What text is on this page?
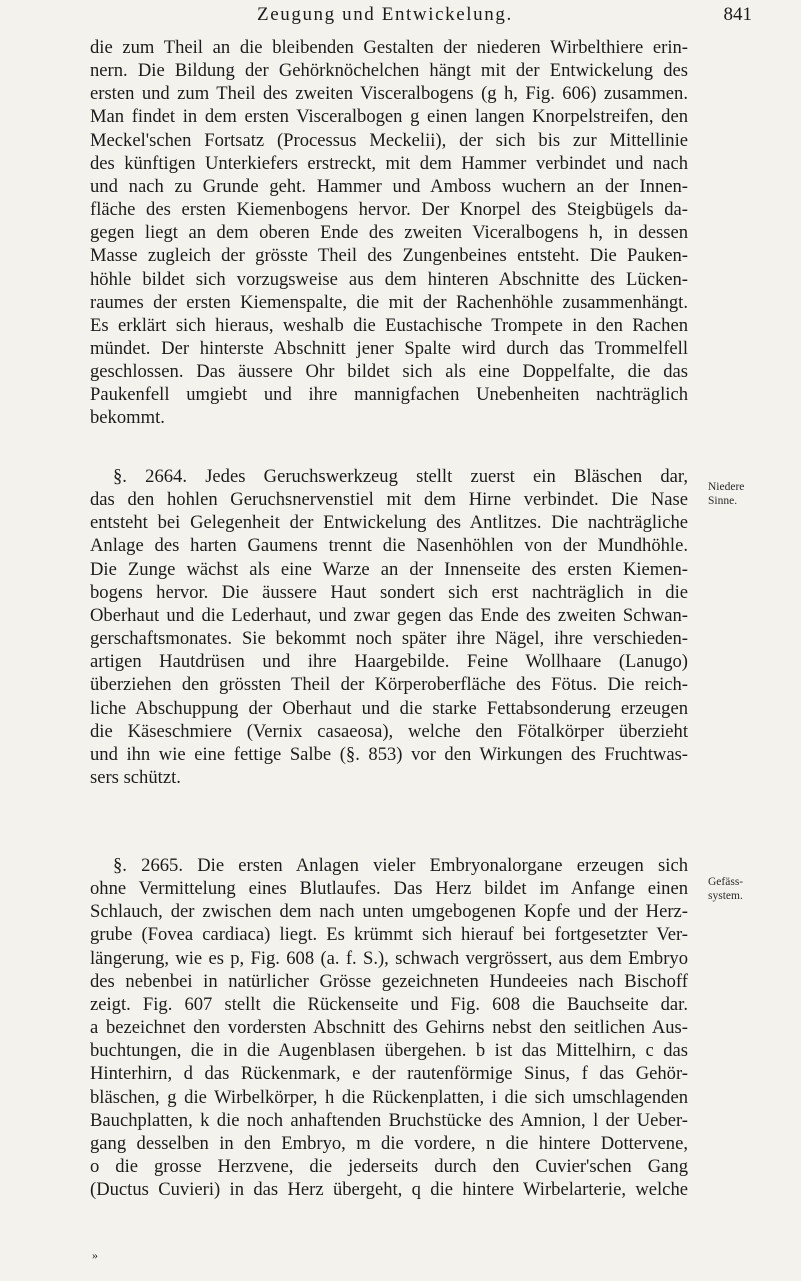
Zeugung und Entwickelung.	841
die zum Theil an die bleibenden Gestalten der niederen Wirbelthiere erin-
nern. Die Bildung der Gehörknöchelchen hängt mit der Entwickelung des
ersten und zum Theil des zweiten Visceralbogens (g h, Fig. 606) zusammen.
Man findet in dem ersten Visceralbogen g einen langen Knorpelstreifen, den
Meckel'schen Fortsatz (Processus Meckelii), der sich bis zur Mittellinie
des künftigen Unterkiefers erstreckt, mit dem Hammer verbindet und nach
und nach zu Grunde geht. Hammer und Amboss wuchern an der Innen-
fläche des ersten Kiemenbogens hervor. Der Knorpel des Steigbügels da-
gegen liegt an dem oberen Ende des zweiten Viceralbogens h, in dessen
Masse zugleich der grösste Theil des Zungenbeines entsteht. Die Pauken-
höhle bildet sich vorzugsweise aus dem hinteren Abschnitte des Lücken-
raumes der ersten Kiemenspalte, die mit der Rachenhöhle zusammenhängt.
Es erklärt sich hieraus, weshalb die Eustachische Trompete in den Rachen
mündet. Der hinterste Abschnitt jener Spalte wird durch das Trommelfell
geschlossen. Das äussere Ohr bildet sich als eine Doppelfalte, die das
Paukenfell umgiebt und ihre mannigfachen Unebenheiten nachträglich
bekommt.
§. 2664. Jedes Geruchswerkzeug stellt zuerst ein Bläschen dar,
das den hohlen Geruchsnervenstiel mit dem Hirne verbindet. Die Nase
entsteht bei Gelegenheit der Entwickelung des Antlitzes. Die nachträgliche
Anlage des harten Gaumens trennt die Nasenhöhlen von der Mundhöhle.
Die Zunge wächst als eine Warze an der Innenseite des ersten Kiemen-
bogens hervor. Die äussere Haut sondert sich erst nachträglich in die
Oberhaut und die Lederhaut, und zwar gegen das Ende des zweiten Schwan-
gerschaftsmonates. Sie bekommt noch später ihre Nägel, ihre verschieden-
artigen Hautdrüsen und ihre Haargebilde. Feine Wollhaare (Lanugo)
überziehen den grössten Theil der Körperoberfläche des Fötus. Die reich-
liche Abschuppung der Oberhaut und die starke Fettabsonderung erzeugen
die Käseschmiere (Vernix casaeosa), welche den Fötalkörper überzieht
und ihn wie eine fettige Salbe (§. 853) vor den Wirkungen des Fruchtwas-
sers schützt.
§. 2665. Die ersten Anlagen vieler Embryonalorgane erzeugen sich
ohne Vermittelung eines Blutlaufes. Das Herz bildet im Anfange einen
Schlauch, der zwischen dem nach unten umgebogenen Kopfe und der Herz-
grube (Fovea cardiaca) liegt. Es krümmt sich hierauf bei fortgesetzter Ver-
längerung, wie es p, Fig. 608 (a. f. S.), schwach vergrössert, aus dem Embryo
des nebenbei in natürlicher Grösse gezeichneten Hundeeies nach Bischoff
zeigt. Fig. 607 stellt die Rückenseite und Fig. 608 die Bauchseite dar.
a bezeichnet den vordersten Abschnitt des Gehirns nebst den seitlichen Aus-
buchtungen, die in die Augenblasen übergehen. b ist das Mittelhirn, c das
Hinterhirn, d das Rückenmark, e der rautenförmige Sinus, f das Gehör-
bläschen, g die Wirbelkörper, h die Rückenplatten, i die sich umschlagenden
Bauchplatten, k die noch anhaftenden Bruchstücke des Amnion, l der Ueber-
gang desselben in den Embryo, m die vordere, n die hintere Dottervene,
o die grosse Herzvene, die jederseits durch den Cuvier'schen Gang
(Ductus Cuvieri) in das Herz übergeht, q die hintere Wirbelarterie, welche
Niedere
Sinne.
Gefäss-
system.
»
